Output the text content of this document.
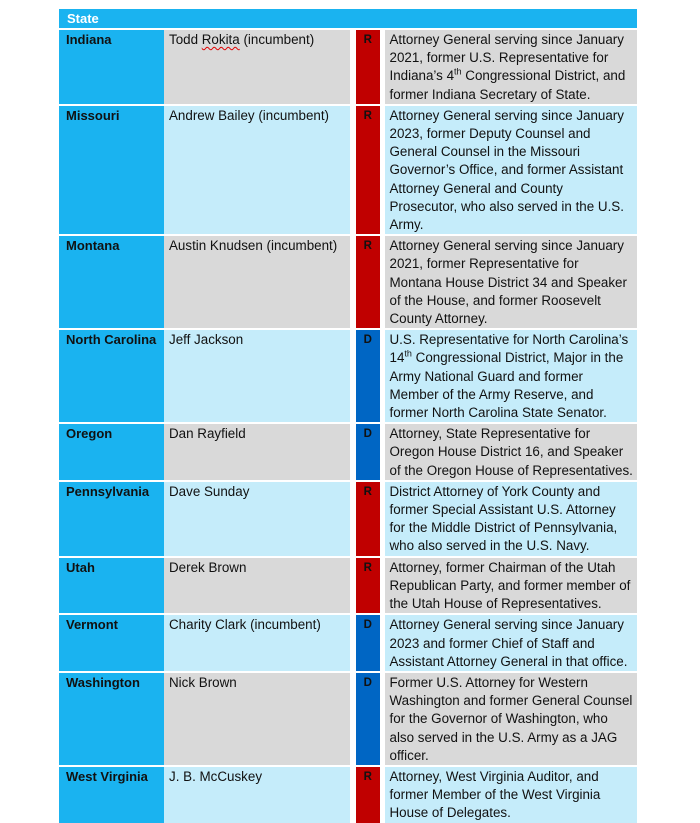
State			
Indiana	Todd Rokita (incumbent)	R	Attorney General serving since January 2021, former U.S. Representative for Indiana’s 4th Congressional District, and former Indiana Secretary of State.
Missouri	Andrew Bailey (incumbent)	R	Attorney General serving since January 2023, former Deputy Counsel and General Counsel in the Missouri Governor’s Office, and former Assistant Attorney General and County Prosecutor, who also served in the U.S. Army.
Montana	Austin Knudsen (incumbent)	R	Attorney General serving since January 2021, former Representative for Montana House District 34 and Speaker of the House, and former Roosevelt County Attorney.
North Carolina	Jeff Jackson	D	U.S. Representative for North Carolina’s 14th Congressional District, Major in the Army National Guard and former Member of the Army Reserve, and former North Carolina State Senator.
Oregon	Dan Rayfield	D	Attorney, State Representative for Oregon House District 16, and Speaker of the Oregon House of Representatives.
Pennsylvania	Dave Sunday	R	District Attorney of York County and former Special Assistant U.S. Attorney for the Middle District of Pennsylvania, who also served in the U.S. Navy.
Utah	Derek Brown	R	Attorney, former Chairman of the Utah Republican Party, and former member of the Utah House of Representatives.
Vermont	Charity Clark (incumbent)	D	Attorney General serving since January 2023 and former Chief of Staff and Assistant Attorney General in that office.
Washington	Nick Brown	D	Former U.S. Attorney for Western Washington and former General Counsel for the Governor of Washington, who also served in the U.S. Army as a JAG officer.
West Virginia	J. B. McCuskey	R	Attorney, West Virginia Auditor, and former Member of the West Virginia House of Delegates.
